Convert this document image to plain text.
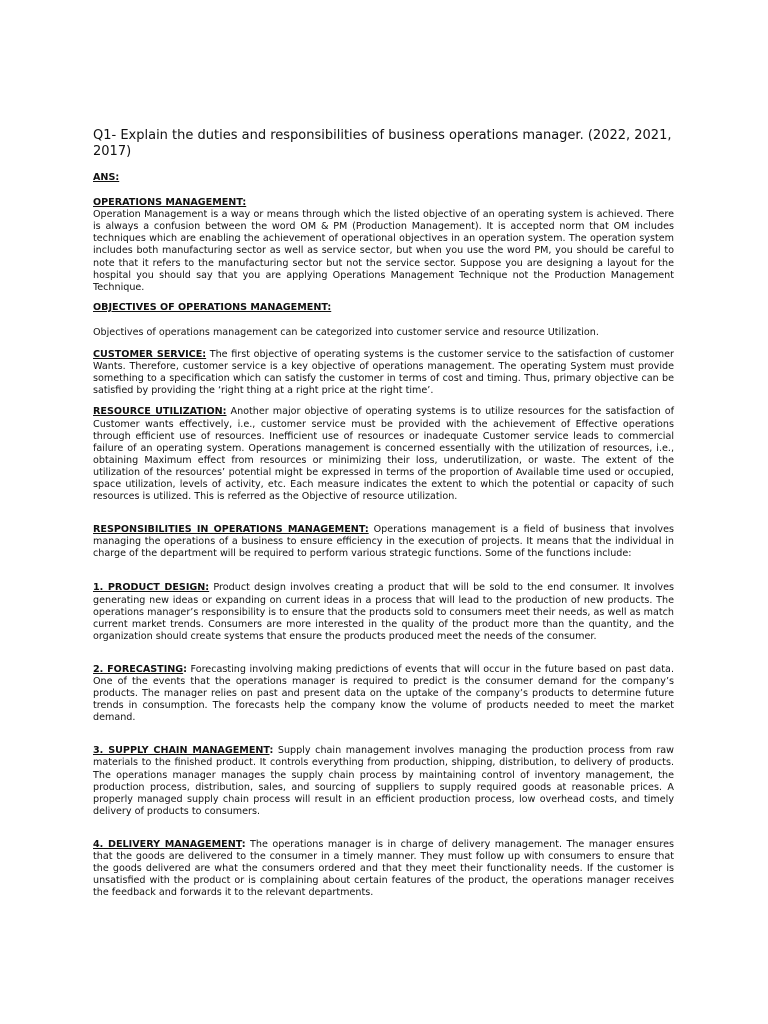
Q1- Explain the duties and responsibilities of business operations manager. (2022, 2021, 2017)

ANS:

OPERATIONS MANAGEMENT:

Operation Management is a way or means through which the listed objective of an operating system is achieved. There is always a confusion between the word OM & PM (Production Management). It is accepted norm that OM includes techniques which are enabling the achievement of operational objectives in an operation system. The operation system includes both manufacturing sector as well as service sector, but when you use the word PM, you should be careful to note that it refers to the manufacturing sector but not the service sector. Suppose you are designing a layout for the hospital you should say that you are applying Operations Management Technique not the Production Management Technique.

OBJECTIVES OF OPERATIONS MANAGEMENT:

Objectives of operations management can be categorized into customer service and resource Utilization.

CUSTOMER SERVICE: The first objective of operating systems is the customer service to the satisfaction of customer Wants. Therefore, customer service is a key objective of operations management. The operating System must provide something to a specification which can satisfy the customer in terms of cost and timing. Thus, primary objective can be satisfied by providing the ‘right thing at a right price at the right time’.

RESOURCE UTILIZATION: Another major objective of operating systems is to utilize resources for the satisfaction of Customer wants effectively, i.e., customer service must be provided with the achievement of Effective operations through efficient use of resources. Inefficient use of resources or inadequate Customer service leads to commercial failure of an operating system. Operations management is concerned essentially with the utilization of resources, i.e., obtaining Maximum effect from resources or minimizing their loss, underutilization, or waste. The extent of the utilization of the resources’ potential might be expressed in terms of the proportion of Available time used or occupied, space utilization, levels of activity, etc. Each measure indicates the extent to which the potential or capacity of such resources is utilized. This is referred as the Objective of resource utilization.

RESPONSIBILITIES IN OPERATIONS MANAGEMENT: Operations management is a field of business that involves managing the operations of a business to ensure efficiency in the execution of projects. It means that the individual in charge of the department will be required to perform various strategic functions. Some of the functions include:

1. PRODUCT DESIGN: Product design involves creating a product that will be sold to the end consumer. It involves generating new ideas or expanding on current ideas in a process that will lead to the production of new products. The operations manager’s responsibility is to ensure that the products sold to consumers meet their needs, as well as match current market trends. Consumers are more interested in the quality of the product more than the quantity, and the organization should create systems that ensure the products produced meet the needs of the consumer.

2. FORECASTING: Forecasting involving making predictions of events that will occur in the future based on past data. One of the events that the operations manager is required to predict is the consumer demand for the company’s products. The manager relies on past and present data on the uptake of the company’s products to determine future trends in consumption. The forecasts help the company know the volume of products needed to meet the market demand.

3. SUPPLY CHAIN MANAGEMENT: Supply chain management involves managing the production process from raw materials to the finished product. It controls everything from production, shipping, distribution, to delivery of products. The operations manager manages the supply chain process by maintaining control of inventory management, the production process, distribution, sales, and sourcing of suppliers to supply required goods at reasonable prices. A properly managed supply chain process will result in an efficient production process, low overhead costs, and timely delivery of products to consumers.

4. DELIVERY MANAGEMENT: The operations manager is in charge of delivery management. The manager ensures that the goods are delivered to the consumer in a timely manner. They must follow up with consumers to ensure that the goods delivered are what the consumers ordered and that they meet their functionality needs. If the customer is unsatisfied with the product or is complaining about certain features of the product, the operations manager receives the feedback and forwards it to the relevant departments.
